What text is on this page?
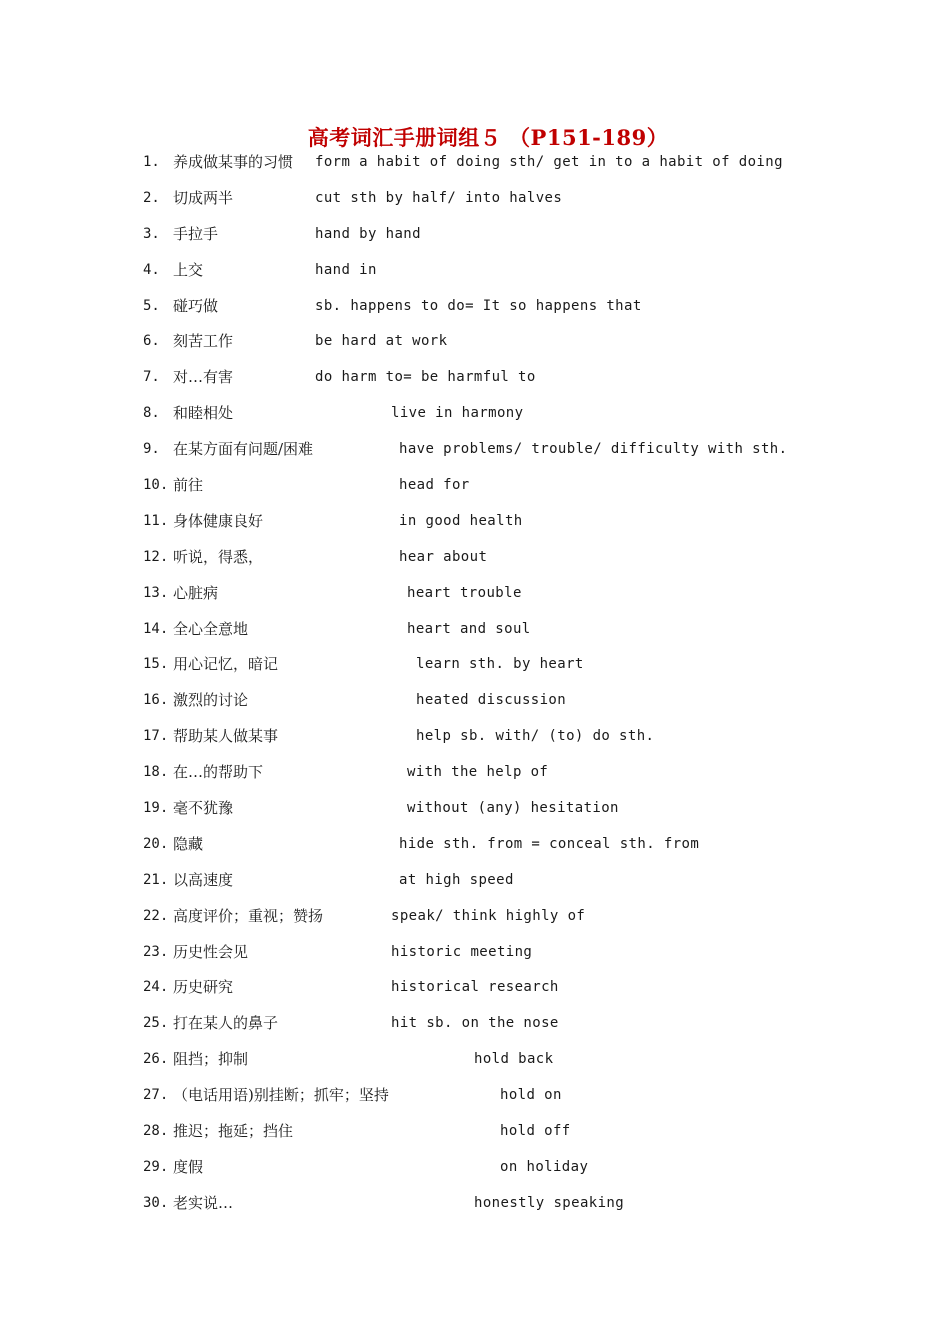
高考词汇手册词组５ （P151-189）
1. 养成做某事的习惯 form a habit of doing sth/ get in to a habit of doing
2. 切成两半	cut sth by half/ into halves
3. 手拉手	hand by hand
4. 上交	hand in
5. 碰巧做	sb. happens to do= It so happens that
6. 刻苦工作	be hard at work
7. 对…有害	do harm to= be harmful to
8. 和睦相处	live in harmony
9. 在某方面有问题/困难	have problems/ trouble/ difficulty with sth.
10. 前往	head for
11. 身体健康良好	in good health
12. 听说，得悉，	hear about
13. 心脏病	heart trouble
14. 全心全意地	heart and soul
15. 用心记忆，暗记	learn sth. by heart
16. 激烈的讨论	heated discussion
17. 帮助某人做某事	help sb. with/ (to) do sth.
18. 在…的帮助下	with the help of
19. 毫不犹豫	without (any) hesitation
20. 隐藏	hide sth. from = conceal sth. from
21. 以高速度	at high speed
22. 高度评价；重视；赞扬	speak/ think highly of
23. 历史性会见	historic meeting
24. 历史研究	historical research
25. 打在某人的鼻子	hit sb. on the nose
26. 阻挡；抑制	hold back
27. （电话用语)别挂断；抓牢；坚持	hold on
28. 推迟；拖延；挡住	hold off
29. 度假	on holiday
30. 老实说…	honestly speaking
